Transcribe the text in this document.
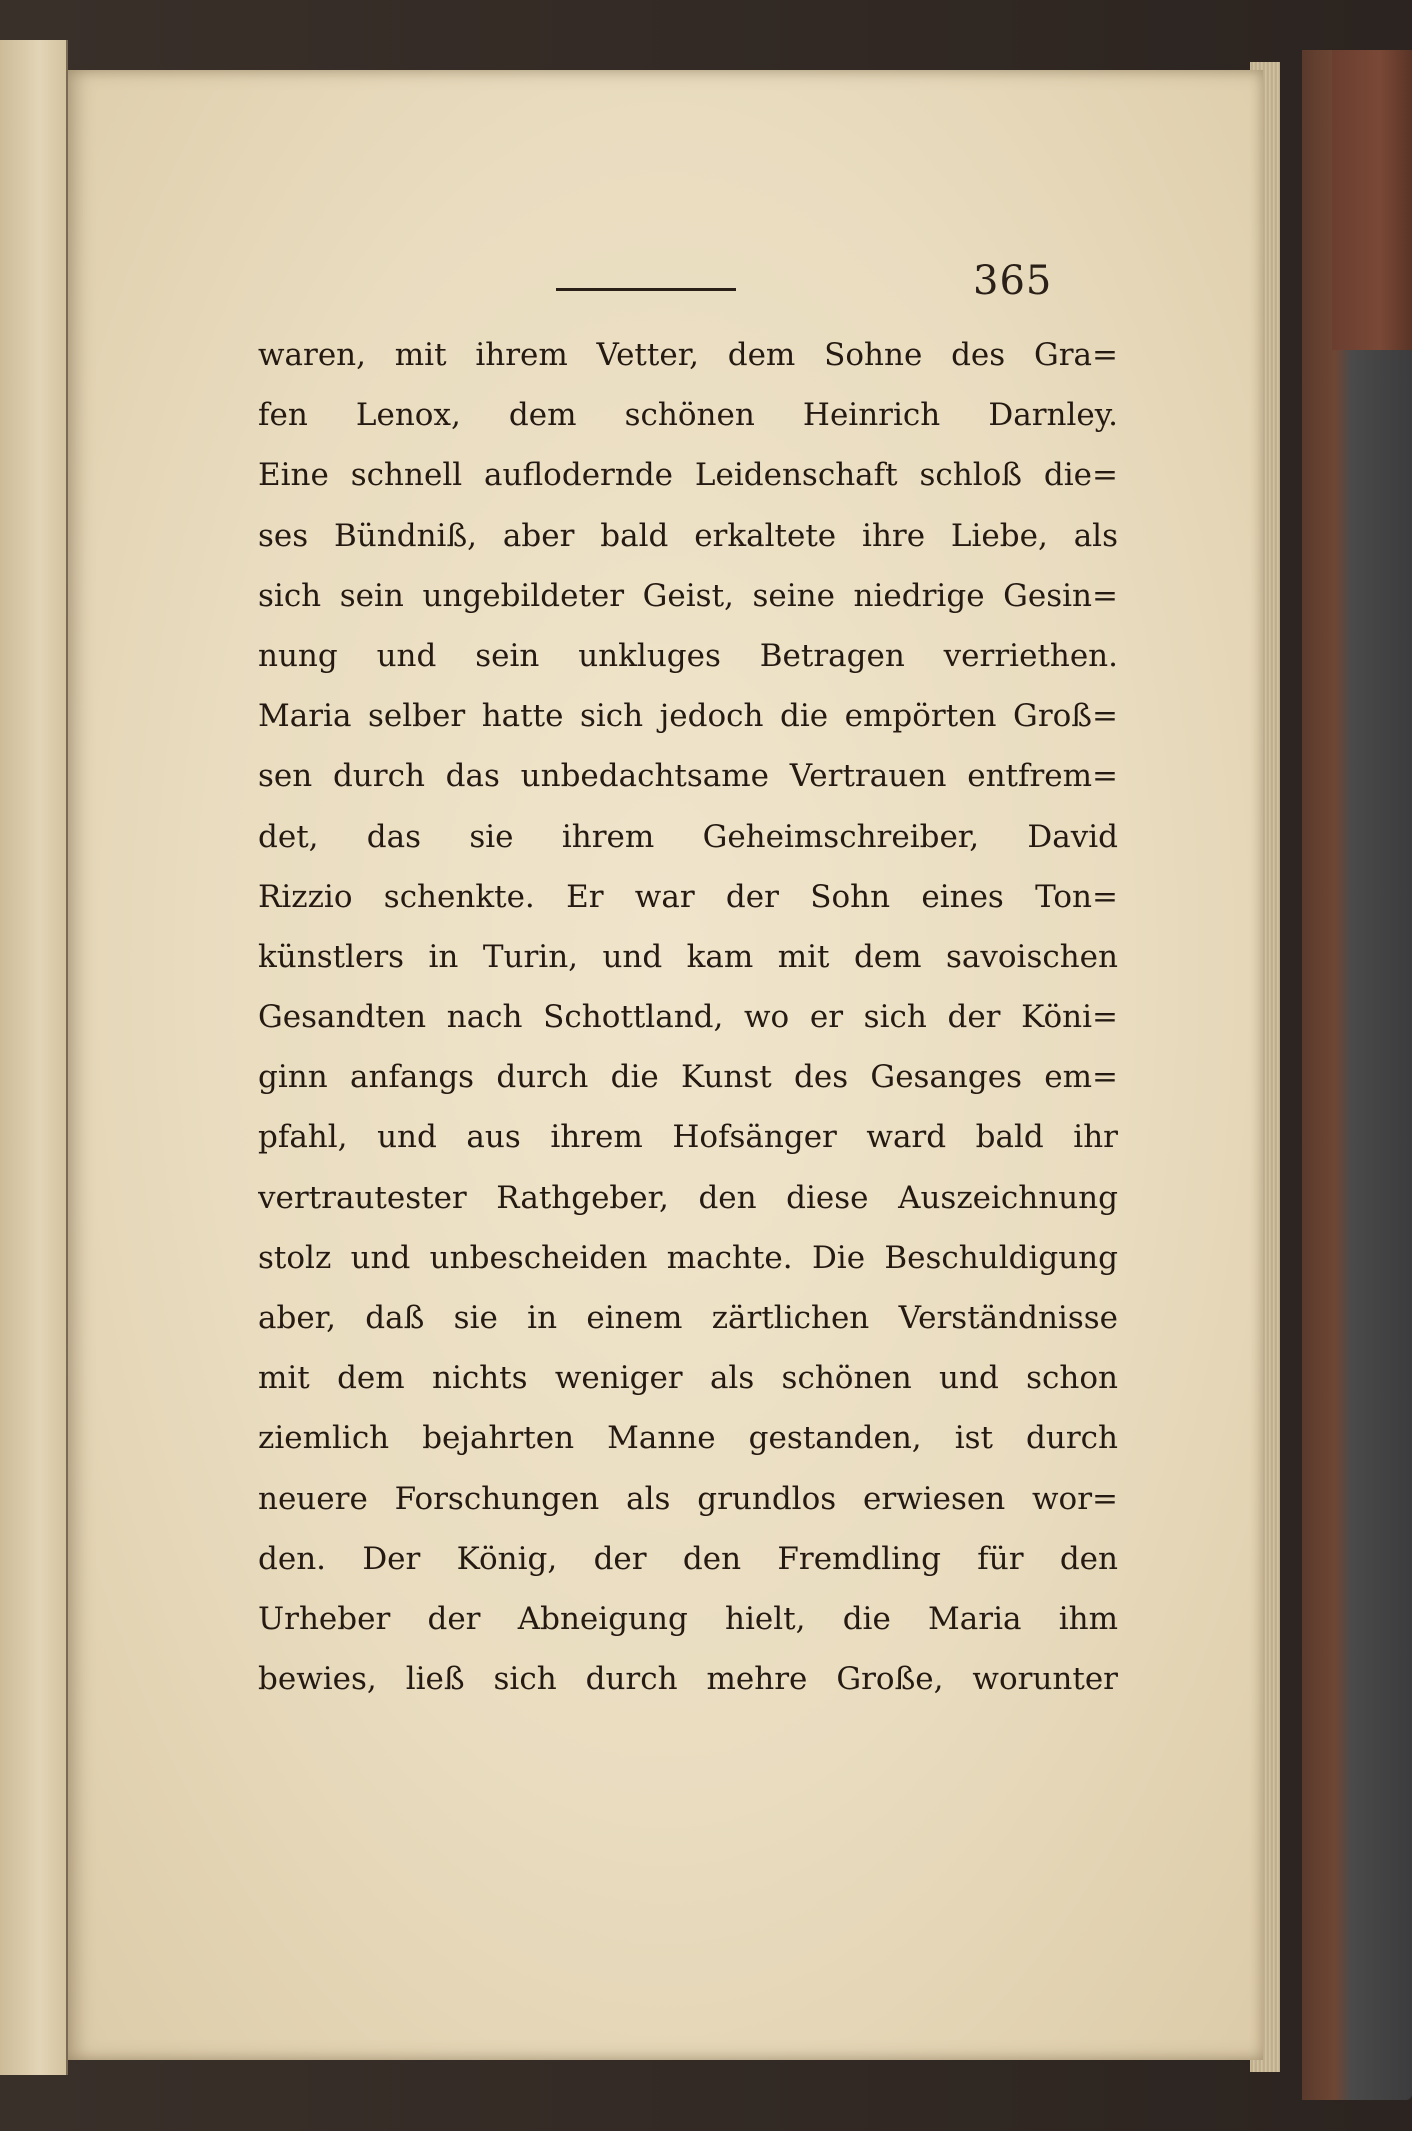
365
waren, mit ihrem Vetter, dem Sohne des Gra=
fen Lenox, dem schönen Heinrich Darnley.
Eine schnell auflodernde Leidenschaft schloß die=
ses Bündniß, aber bald erkaltete ihre Liebe, als
sich sein ungebildeter Geist, seine niedrige Gesin=
nung und sein unkluges Betragen verriethen.
Maria selber hatte sich jedoch die empörten Groß=
sen durch das unbedachtsame Vertrauen entfrem=
det, das sie ihrem Geheimschreiber, David
Rizzio schenkte. Er war der Sohn eines Ton=
künstlers in Turin, und kam mit dem savoischen
Gesandten nach Schottland, wo er sich der Köni=
ginn anfangs durch die Kunst des Gesanges em=
pfahl, und aus ihrem Hofsänger ward bald ihr
vertrautester Rathgeber, den diese Auszeichnung
stolz und unbescheiden machte. Die Beschuldigung
aber, daß sie in einem zärtlichen Verständnisse
mit dem nichts weniger als schönen und schon
ziemlich bejahrten Manne gestanden, ist durch
neuere Forschungen als grundlos erwiesen wor=
den. Der König, der den Fremdling für den
Urheber der Abneigung hielt, die Maria ihm
bewies, ließ sich durch mehre Große, worunter
